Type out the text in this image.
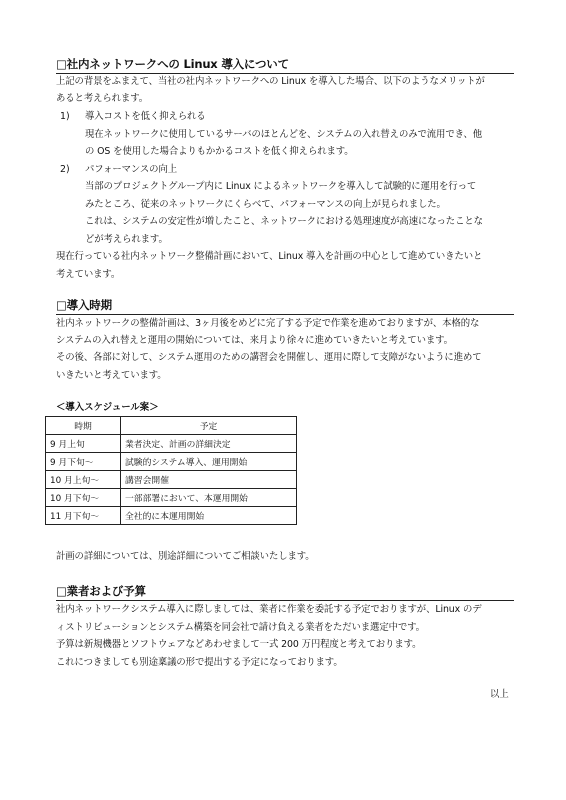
□社内ネットワークへの Linux 導入について
上記の背景をふまえて、当社の社内ネットワークへの Linux を導入した場合、以下のようなメリットが
あると考えられます。
1) 導入コストを低く抑えられる
現在ネットワークに使用しているサーバのほとんどを、システムの入れ替えのみで流用でき、他
の OS を使用した場合よりもかかるコストを低く抑えられます。
2) パフォーマンスの向上
当部のプロジェクトグループ内に Linux によるネットワークを導入して試験的に運用を行って
みたところ、従来のネットワークにくらべて、パフォーマンスの向上が見られました。
これは、システムの安定性が増したこと、ネットワークにおける処理速度が高速になったことな
どが考えられます。
現在行っている社内ネットワーク整備計画において、Linux 導入を計画の中心として進めていきたいと
考えています。
□導入時期
社内ネットワークの整備計画は、3ヶ月後をめどに完了する予定で作業を進めておりますが、本格的な
システムの入れ替えと運用の開始については、来月より徐々に進めていきたいと考えています。
その後、各部に対して、システム運用のための講習会を開催し、運用に際して支障がないように進めて
いきたいと考えています。
＜導入スケジュール案＞
時期	予定
9 月上旬	業者決定、計画の詳細決定
9 月下旬～	試験的システム導入、運用開始
10 月上旬～	講習会開催
10 月下旬～	一部部署において、本運用開始
11 月下旬～	全社的に本運用開始
計画の詳細については、別途詳細についてご相談いたします。
□業者および予算
社内ネットワークシステム導入に際しましては、業者に作業を委託する予定でおりますが、Linux のデ
ィストリビューションとシステム構築を同会社で請け負える業者をただいま選定中です。
予算は新規機器とソフトウェアなどあわせまして一式 200 万円程度と考えております。
これにつきましても別途稟議の形で提出する予定になっております。
以上
